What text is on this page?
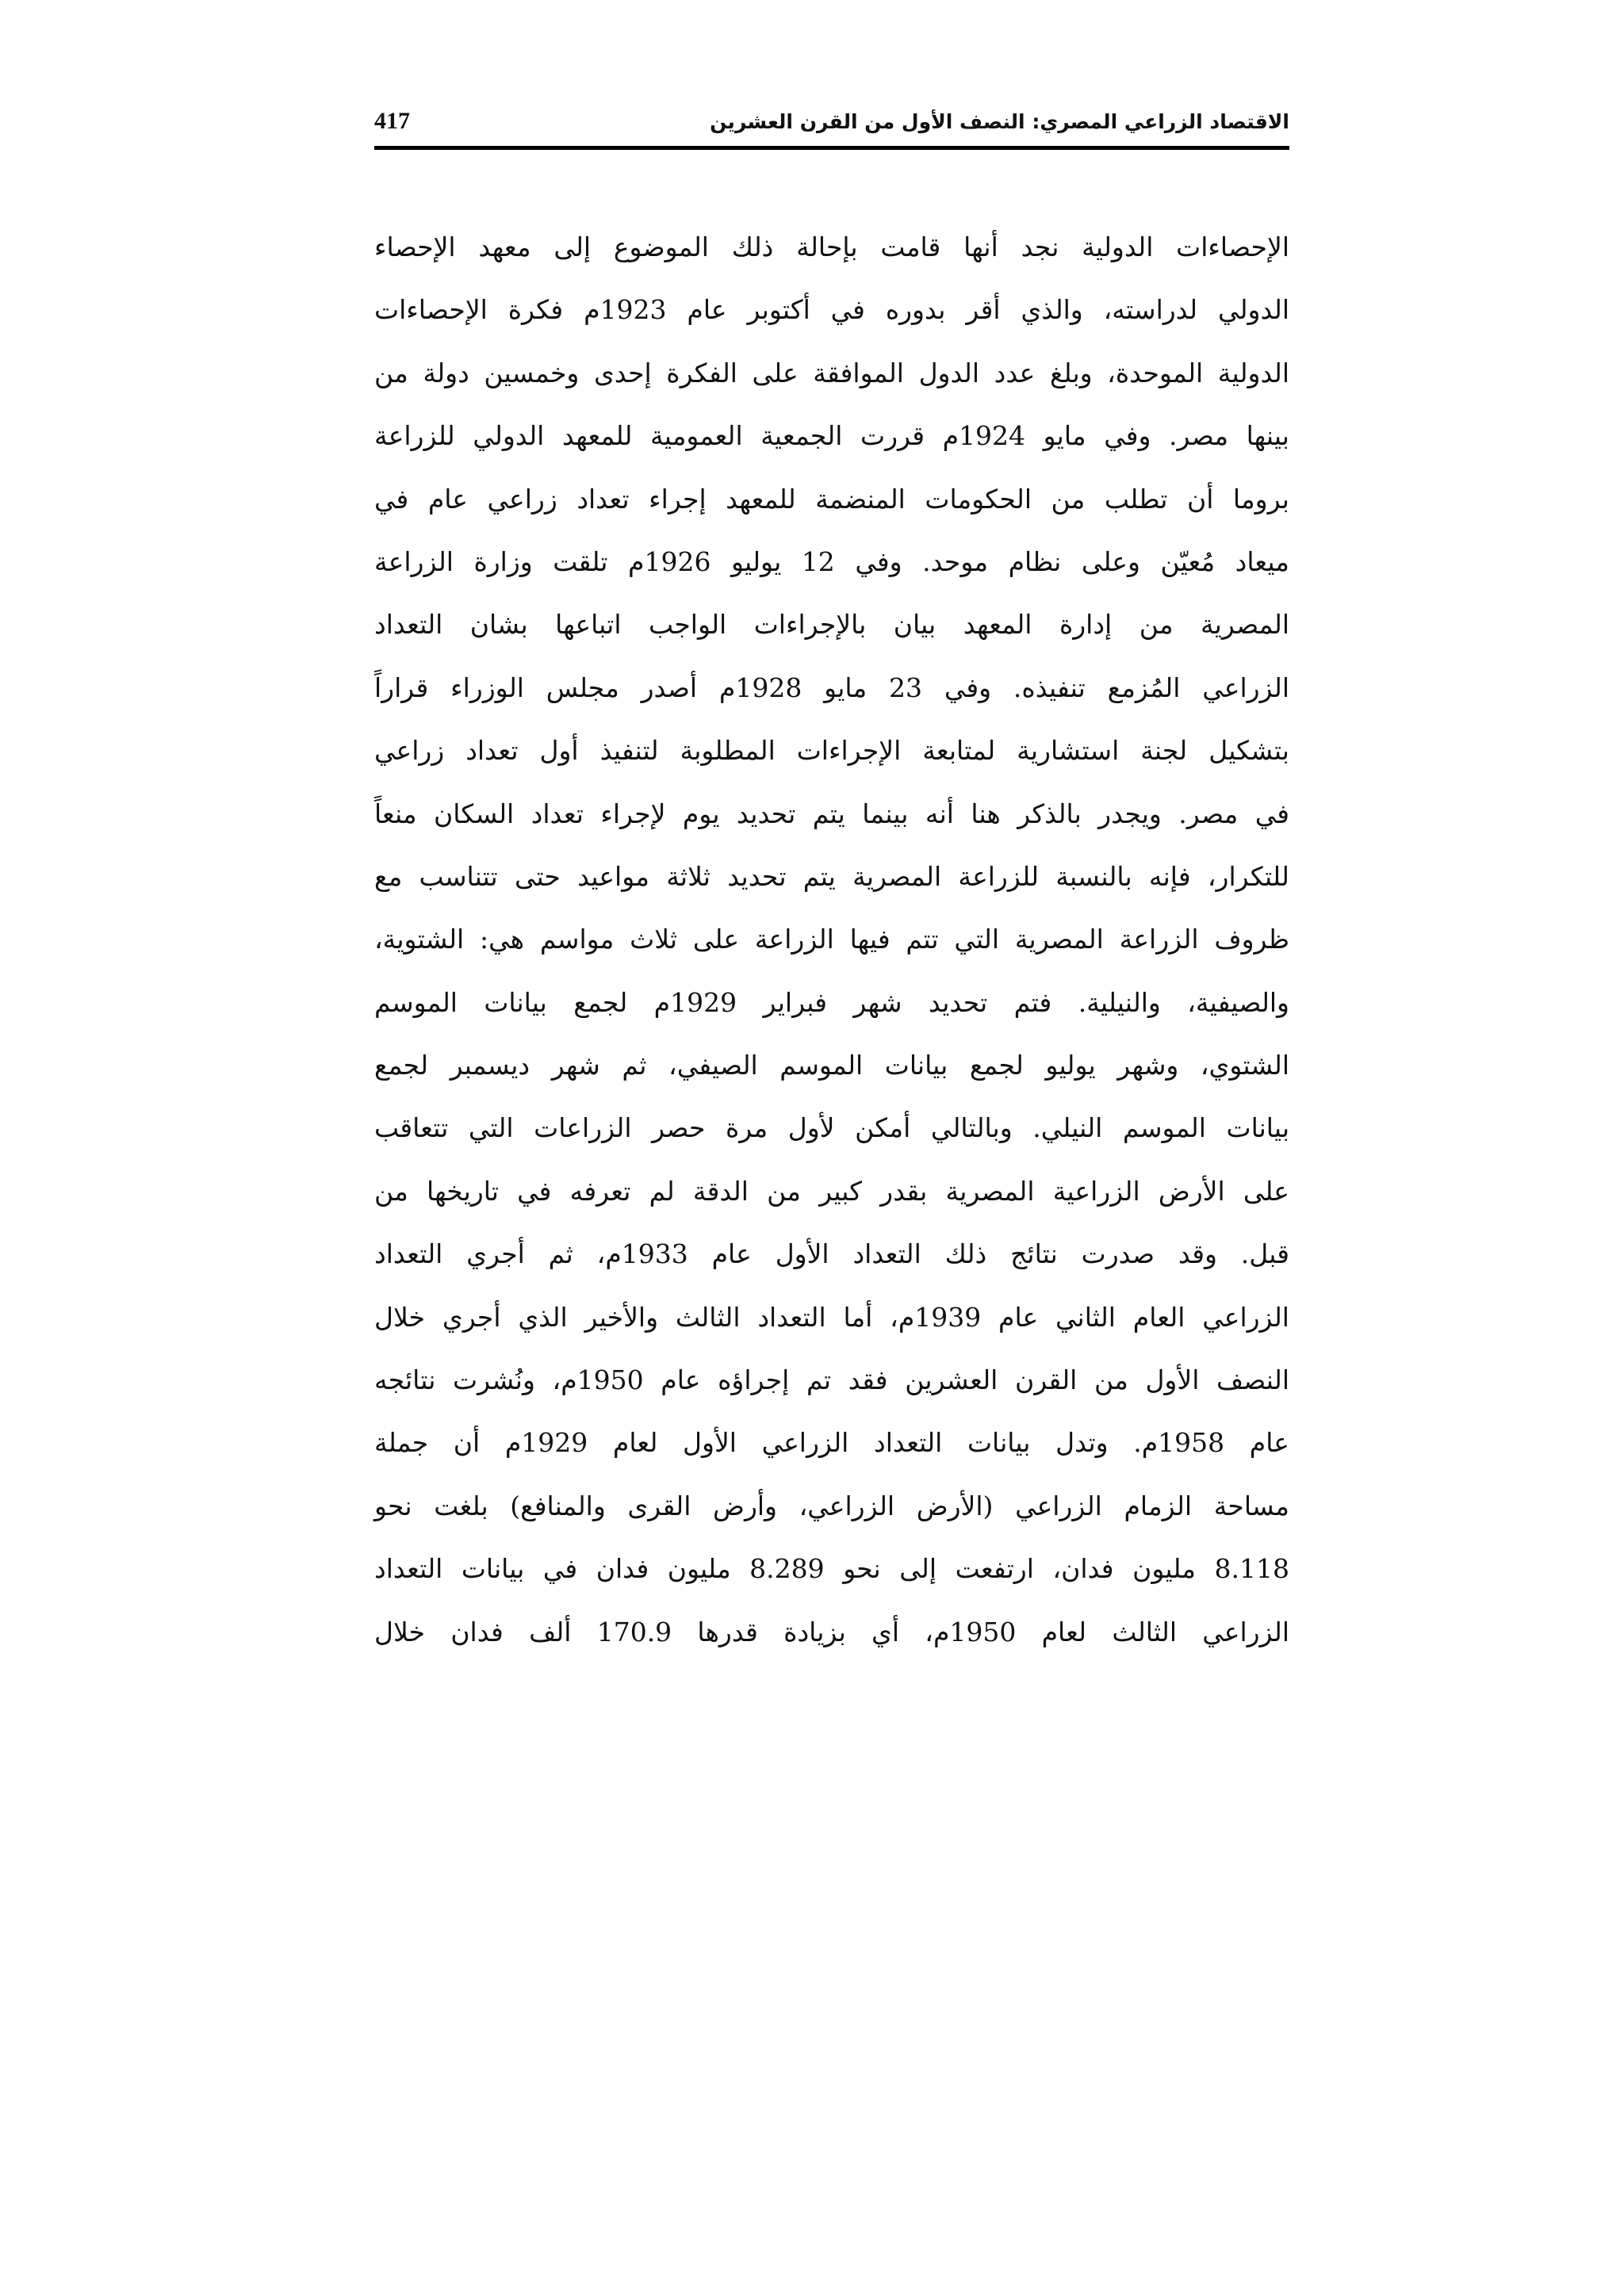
الاقتصاد الزراعي المصري: النصف الأول من القرن العشرين
417
الإحصاءات الدولية نجد أنها قامت بإحالة ذلك الموضوع إلى معهد الإحصاء
الدولي لدراسته، والذي أقر بدوره في أكتوبر عام 1923م فكرة الإحصاءات
الدولية الموحدة، وبلغ عدد الدول الموافقة على الفكرة إحدى وخمسين دولة من
بينها مصر. وفي مايو 1924م قررت الجمعية العمومية للمعهد الدولي للزراعة
بروما أن تطلب من الحكومات المنضمة للمعهد إجراء تعداد زراعي عام في
ميعاد مُعيّن وعلى نظام موحد. وفي 12 يوليو 1926م تلقت وزارة الزراعة
المصرية من إدارة المعهد بيان بالإجراءات الواجب اتباعها بشان التعداد
الزراعي المُزمع تنفيذه. وفي 23 مايو 1928م أصدر مجلس الوزراء قراراً
بتشكيل لجنة استشارية لمتابعة الإجراءات المطلوبة لتنفيذ أول تعداد زراعي
في مصر. ويجدر بالذكر هنا أنه بينما يتم تحديد يوم لإجراء تعداد السكان منعاً
للتكرار، فإنه بالنسبة للزراعة المصرية يتم تحديد ثلاثة مواعيد حتى تتناسب مع
ظروف الزراعة المصرية التي تتم فيها الزراعة على ثلاث مواسم هي: الشتوية،
والصيفية، والنيلية. فتم تحديد شهر فبراير 1929م لجمع بيانات الموسم
الشتوي، وشهر يوليو لجمع بيانات الموسم الصيفي، ثم شهر ديسمبر لجمع
بيانات الموسم النيلي. وبالتالي أمكن لأول مرة حصر الزراعات التي تتعاقب
على الأرض الزراعية المصرية بقدر كبير من الدقة لم تعرفه في تاريخها من
قبل. وقد صدرت نتائج ذلك التعداد الأول عام 1933م، ثم أجري التعداد
الزراعي العام الثاني عام 1939م، أما التعداد الثالث والأخير الذي أجري خلال
النصف الأول من القرن العشرين فقد تم إجراؤه عام 1950م، ونُشرت نتائجه
عام 1958م. وتدل بيانات التعداد الزراعي الأول لعام 1929م أن جملة
مساحة الزمام الزراعي (الأرض الزراعي، وأرض القرى والمنافع) بلغت نحو
8.118 مليون فدان، ارتفعت إلى نحو 8.289 مليون فدان في بيانات التعداد
الزراعي الثالث لعام 1950م، أي بزيادة قدرها 170.9 ألف فدان خلال
